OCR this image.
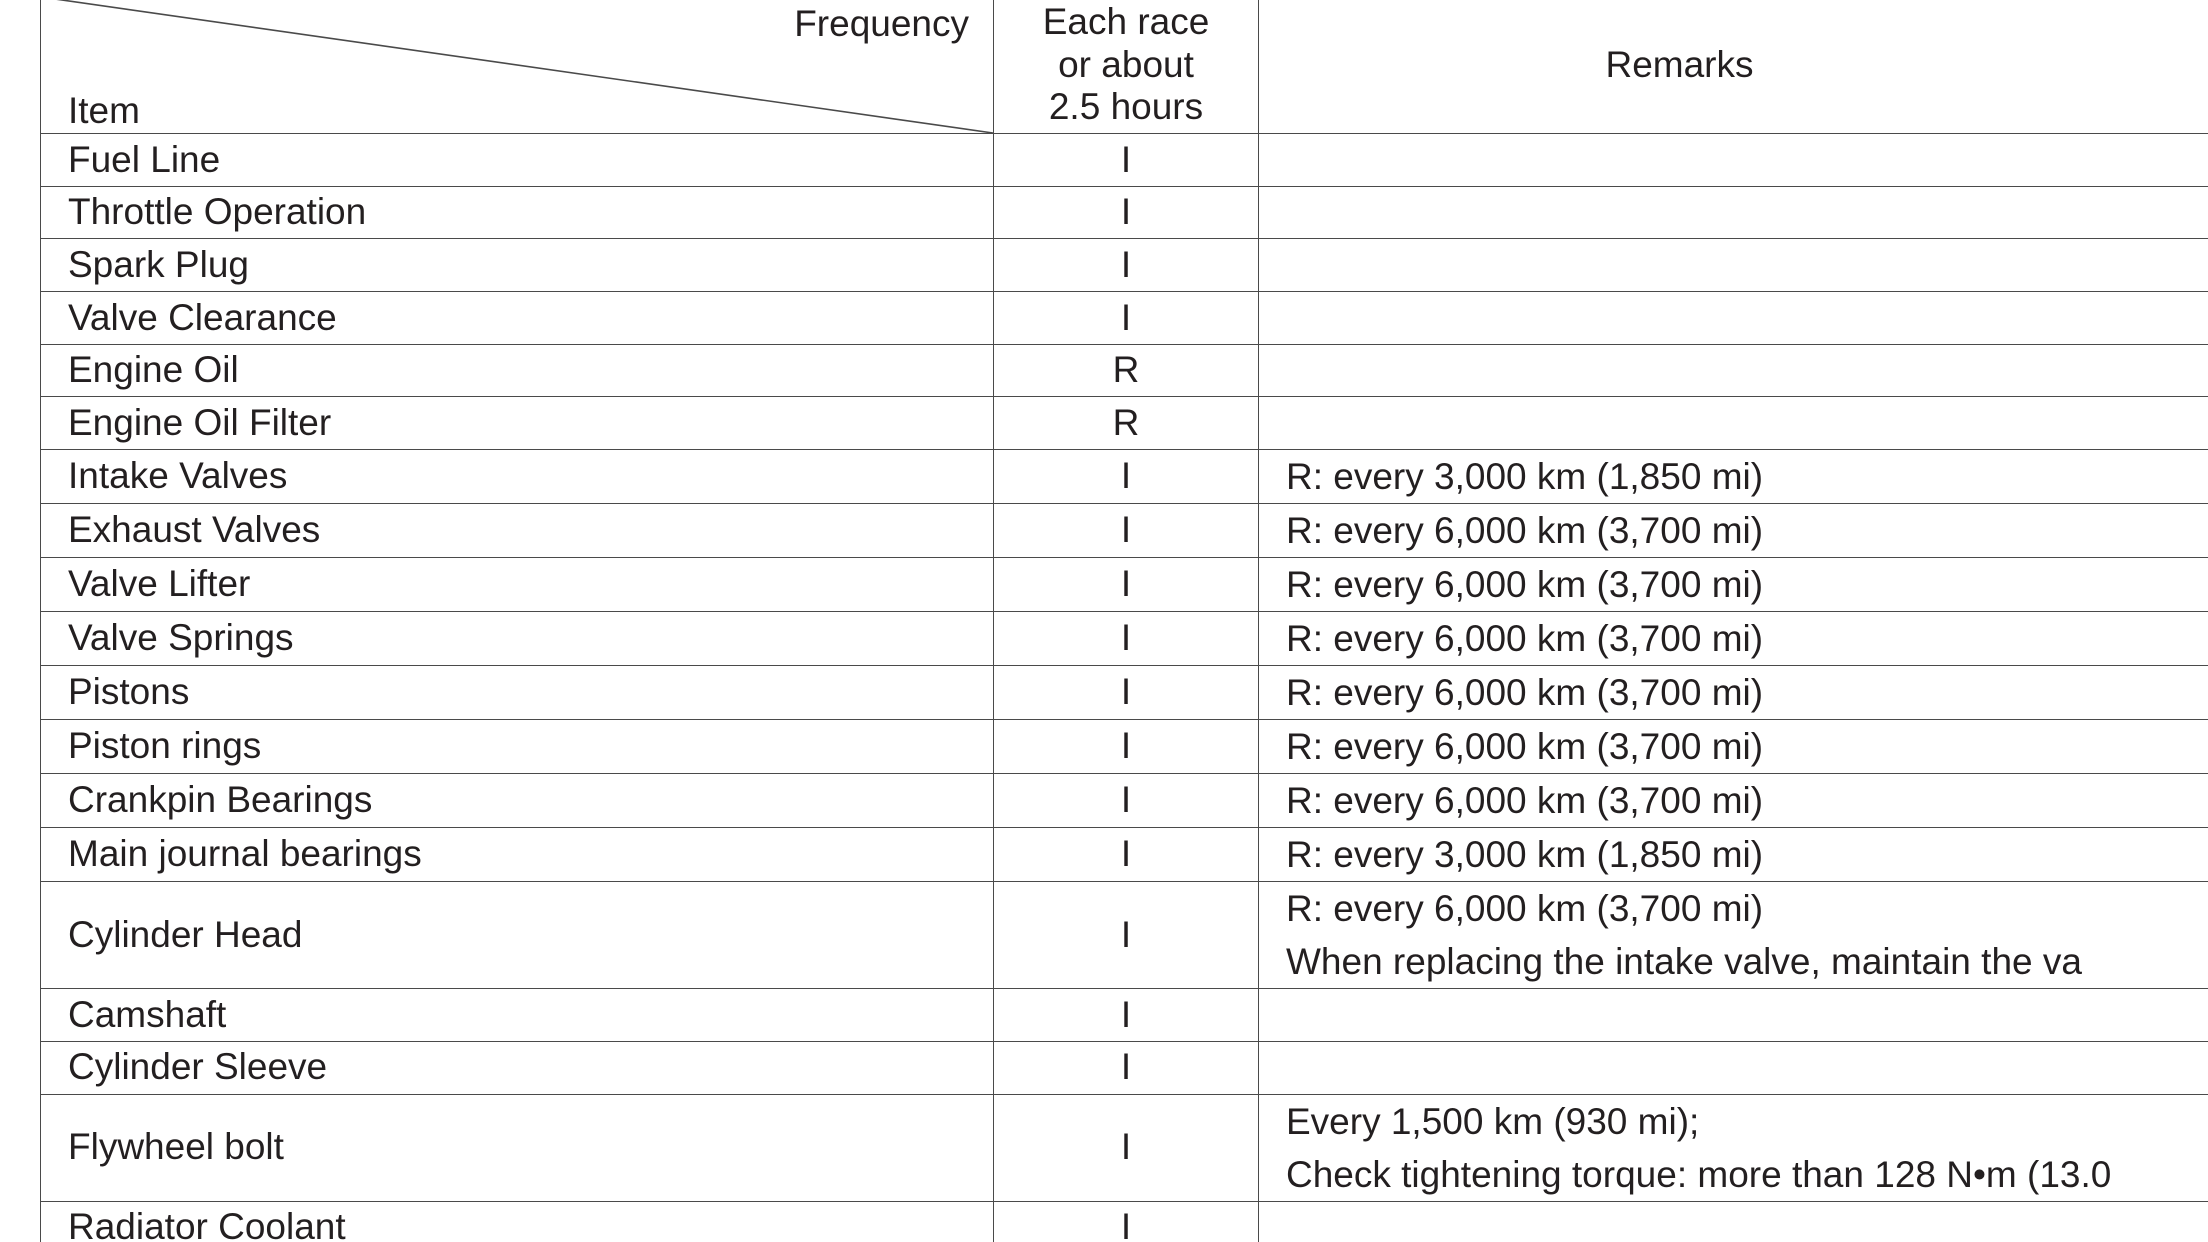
Frequency
Item	Each race
or about
2.5 hours	Remarks
Fuel Line	I	
Throttle Operation	I	
Spark Plug	I	
Valve Clearance	I	
Engine Oil	R	
Engine Oil Filter	R	
Intake Valves	I	R: every 3,000 km (1,850 mi)

Exhaust Valves	I	R: every 6,000 km (3,700 mi)

Valve Lifter	I	R: every 6,000 km (3,700 mi)

Valve Springs	I	R: every 6,000 km (3,700 mi)

Pistons	I	R: every 6,000 km (3,700 mi)

Piston rings	I	R: every 6,000 km (3,700 mi)

Crankpin Bearings	I	R: every 6,000 km (3,700 mi)

Main journal bearings	I	R: every 3,000 km (1,850 mi)

Cylinder Head	I	R: every 6,000 km (3,700 mi)
When replacing the intake valve, maintain the va

Camshaft	I	
Cylinder Sleeve	I	
Flywheel bolt	I	Every 1,500 km (930 mi);
Check tightening torque: more than 128 N•m (13.0

Radiator Coolant	I	
